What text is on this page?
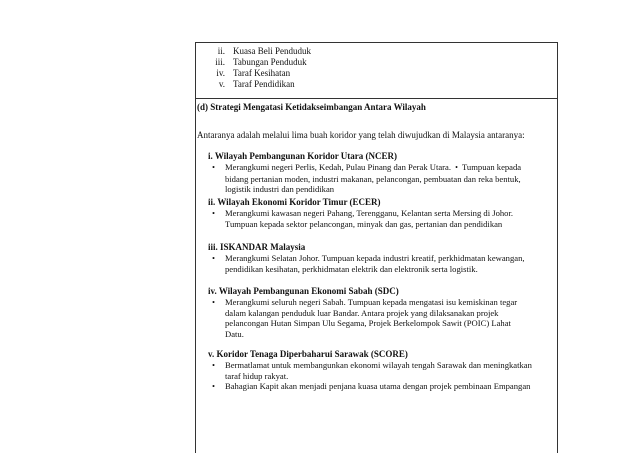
ii. Kuasa Beli Penduduk
iii. Tabungan Penduduk
iv. Taraf Kesihatan
v. Taraf Pendidikan
(d) Strategi Mengatasi Ketidakseimbangan Antara Wilayah
Antaranya adalah melalui lima buah koridor yang telah diwujudkan di Malaysia antaranya:
i. Wilayah Pembangunan Koridor Utara (NCER)
• Merangkumi negeri Perlis, Kedah, Pulau Pinang dan Perak Utara.  •  Tumpuan kepada
bidang pertanian moden, industri makanan, pelancongan, pembuatan dan reka bentuk,
logistik industri dan pendidikan
ii. Wilayah Ekonomi Koridor Timur (ECER)
• Merangkumi kawasan negeri Pahang, Terengganu, Kelantan serta Mersing di Johor.
Tumpuan kepada sektor pelancongan, minyak dan gas, pertanian dan pendidikan
iii. ISKANDAR Malaysia
• Merangkumi Selatan Johor. Tumpuan kepada industri kreatif, perkhidmatan kewangan,
pendidikan kesihatan, perkhidmatan elektrik dan elektronik serta logistik.
iv. Wilayah Pembangunan Ekonomi Sabah (SDC)
• Merangkumi seluruh negeri Sabah. Tumpuan kepada mengatasi isu kemiskinan tegar
dalam kalangan penduduk luar Bandar. Antara projek yang dilaksanakan projek
pelancongan Hutan Simpan Ulu Segama, Projek Berkelompok Sawit (POIC) Lahat
Datu.
v. Koridor Tenaga Diperbaharui Sarawak (SCORE)
• Bermatlamat untuk membangunkan ekonomi wilayah tengah Sarawak dan meningkatkan
taraf hidup rakyat.
• Bahagian Kapit akan menjadi penjana kuasa utama dengan projek pembinaan Empangan
